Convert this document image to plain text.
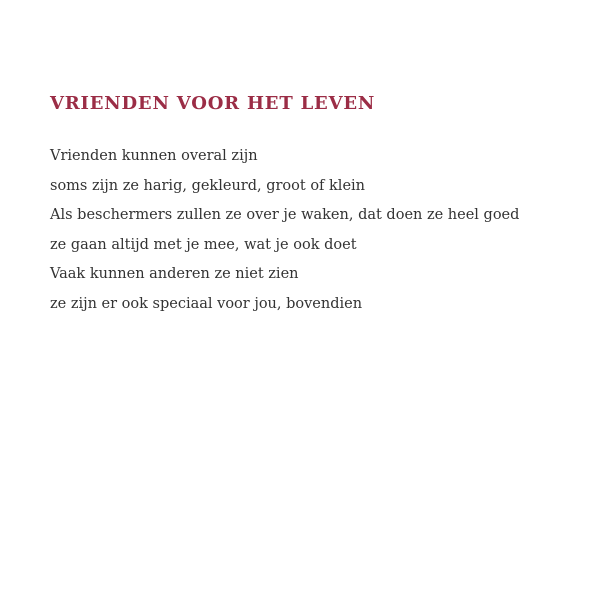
VRIENDEN VOOR HET LEVEN
Vrienden kunnen overal zijn
soms zijn ze harig, gekleurd, groot of klein
Als beschermers zullen ze over je waken, dat doen ze heel goed
ze gaan altijd met je mee, wat je ook doet
Vaak kunnen anderen ze niet zien
ze zijn er ook speciaal voor jou, bovendien
